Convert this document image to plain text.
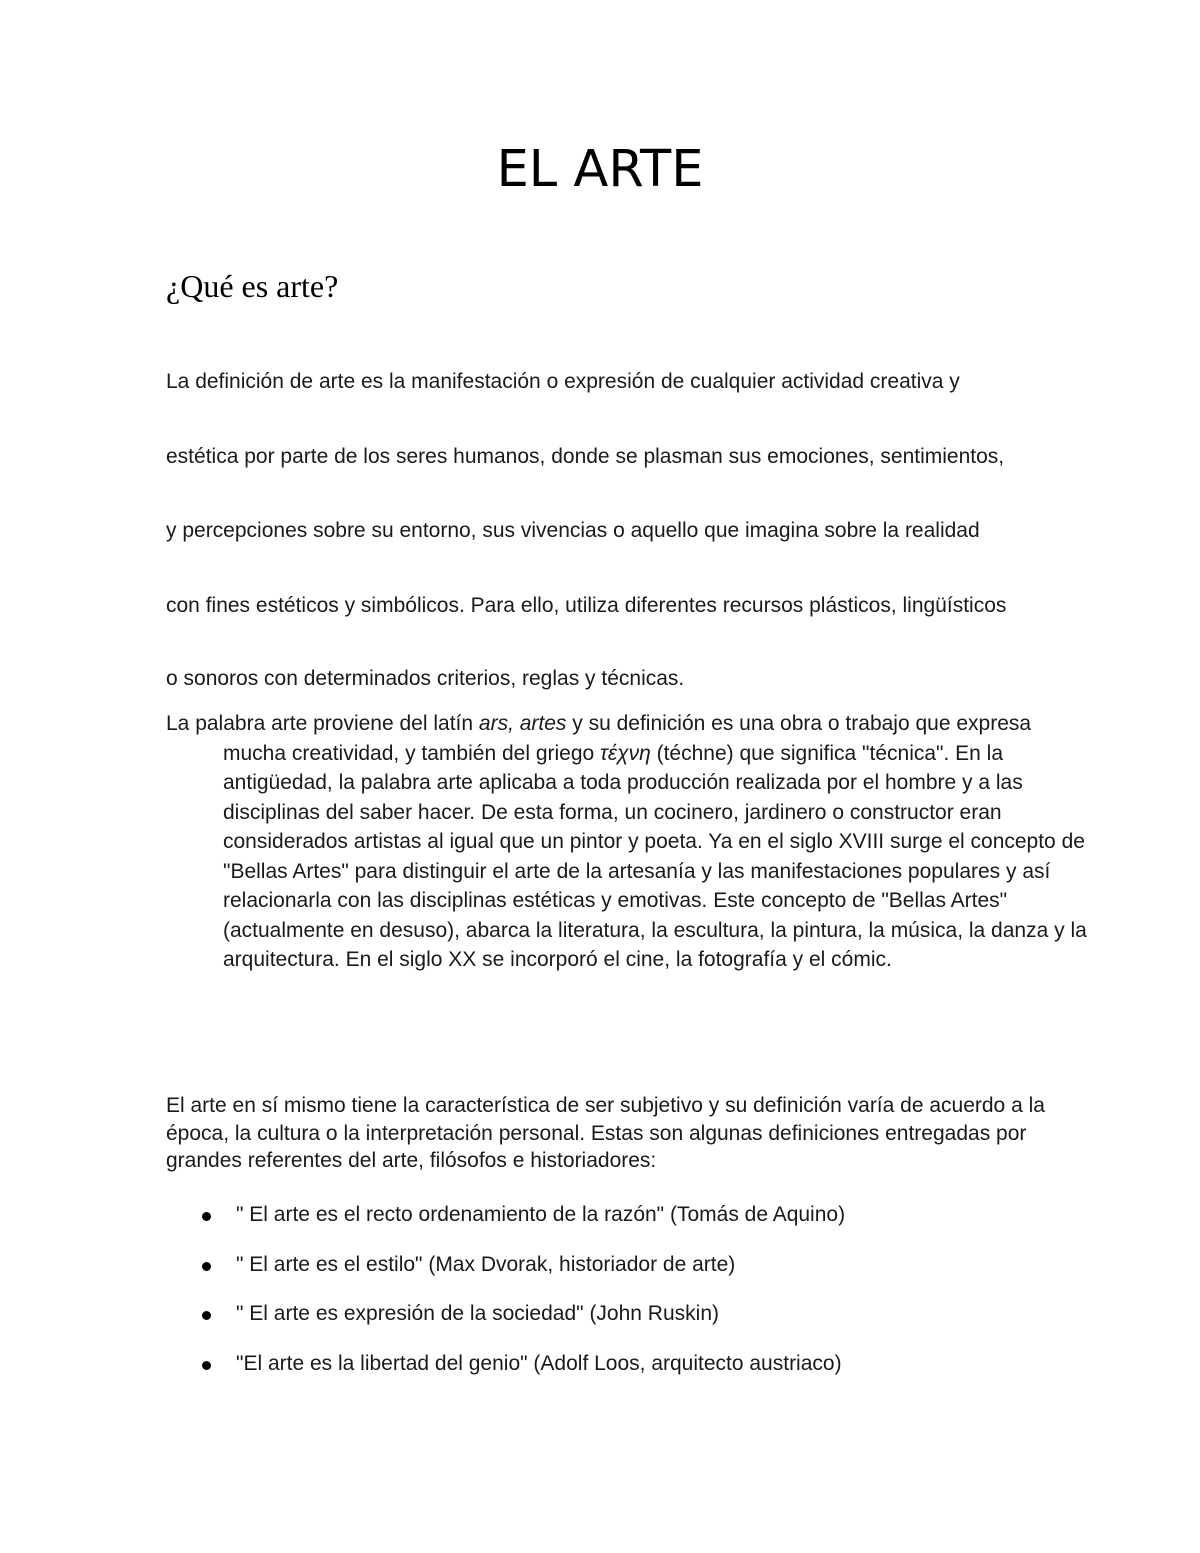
EL ARTE
¿Qué es arte?

La definición de arte es la manifestación o expresión de cualquier actividad creativa y

estética por parte de los seres humanos, donde se plasman sus emociones, sentimientos,

y percepciones sobre su entorno, sus vivencias o aquello que imagina sobre la realidad

con fines estéticos y simbólicos. Para ello, utiliza diferentes recursos plásticos, lingüísticos

o sonoros con determinados criterios, reglas y técnicas.

La palabra arte proviene del latín ars, artes y su definición es una obra o trabajo que expresa mucha creatividad, y también del griego τέχνη (téchne) que significa "técnica". En la antigüedad, la palabra arte aplicaba a toda producción realizada por el hombre y a las disciplinas del saber hacer. De esta forma, un cocinero, jardinero o constructor eran considerados artistas al igual que un pintor y poeta. Ya en el siglo XVIII surge el concepto de "Bellas Artes" para distinguir el arte de la artesanía y las manifestaciones populares y así relacionarla con las disciplinas estéticas y emotivas. Este concepto de "Bellas Artes" (actualmente en desuso), abarca la literatura, la escultura, la pintura, la música, la danza y la arquitectura. En el siglo XX se incorporó el cine, la fotografía y el cómic.

El arte en sí mismo tiene la característica de ser subjetivo y su definición varía de acuerdo a la época, la cultura o la interpretación personal. Estas son algunas definiciones entregadas por grandes referentes del arte, filósofos e historiadores:

" El arte es el recto ordenamiento de la razón" (Tomás de Aquino)
" El arte es el estilo" (Max Dvorak, historiador de arte)
" El arte es expresión de la sociedad" (John Ruskin)
"El arte es la libertad del genio" (Adolf Loos, arquitecto austriaco)
